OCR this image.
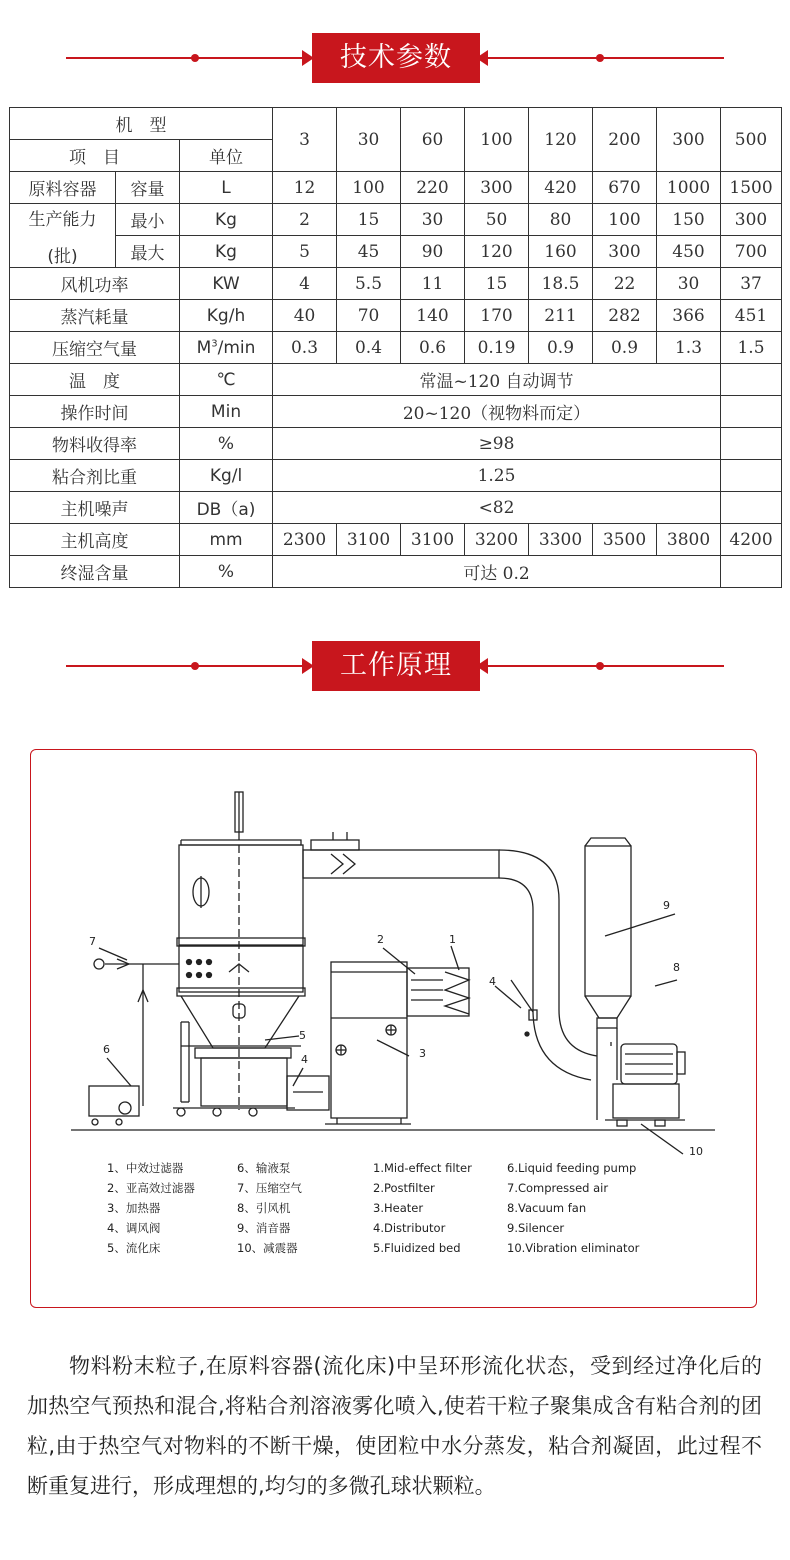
技术参数
机　型			3	30	60	100	120	200	300	500
项　目		单位								
原料容器	容量	L	12	100	220	300	420	670	1000	1500

生产能力
(批)	最小	Kg	2	15	30	50	80	100	150	300
	最大	Kg	5	45	90	120	160	300	450	700
风机功率		KW	4	5.5	11	15	18.5	22	30	37
蒸汽耗量		Kg/h	40	70	140	170	211	282	366	451
压缩空气量		$M^3/\min$	0.3	0.4	0.6	0.19	0.9	0.9	1.3	1.5
温　度		℃	常温~120 自动调节							
操作时间		Min	20~120（视物料而定）							
物料收得率		%	≥98							
粘合剂比重		Kg/l	1.25							
主机噪声		DB（a)	<82							
主机高度		mm	2300	3100	3100	3200	3300	3500	3800	4200
终湿含量		%	可达 0.2							
工作原理
7
6
5
4	3
2	1
4
9
8
10
1、中效过滤器
2、亚高效过滤器
3、加热器
4、调风阀
5、流化床
6、输液泵
7、压缩空气
8、引风机
9、消音器
10、减震器
1.Mid-effect filter
2.Postfilter
3.Heater
4.Distributor
5.Fluidized bed
6.Liquid feeding pump
7.Compressed air
8.Vacuum fan
9.Silencer
10.Vibration eliminator
物料粉末粒子,在原料容器(流化床)中呈环形流化状态，受到经过净化后的加热空气预热和混合,将粘合剂溶液雾化喷入,使若干粒子聚集成含有粘合剂的团粒,由于热空气对物料的不断干燥，使团粒中水分蒸发，粘合剂凝固，此过程不断重复进行，形成理想的,均匀的多微孔球状颗粒。
